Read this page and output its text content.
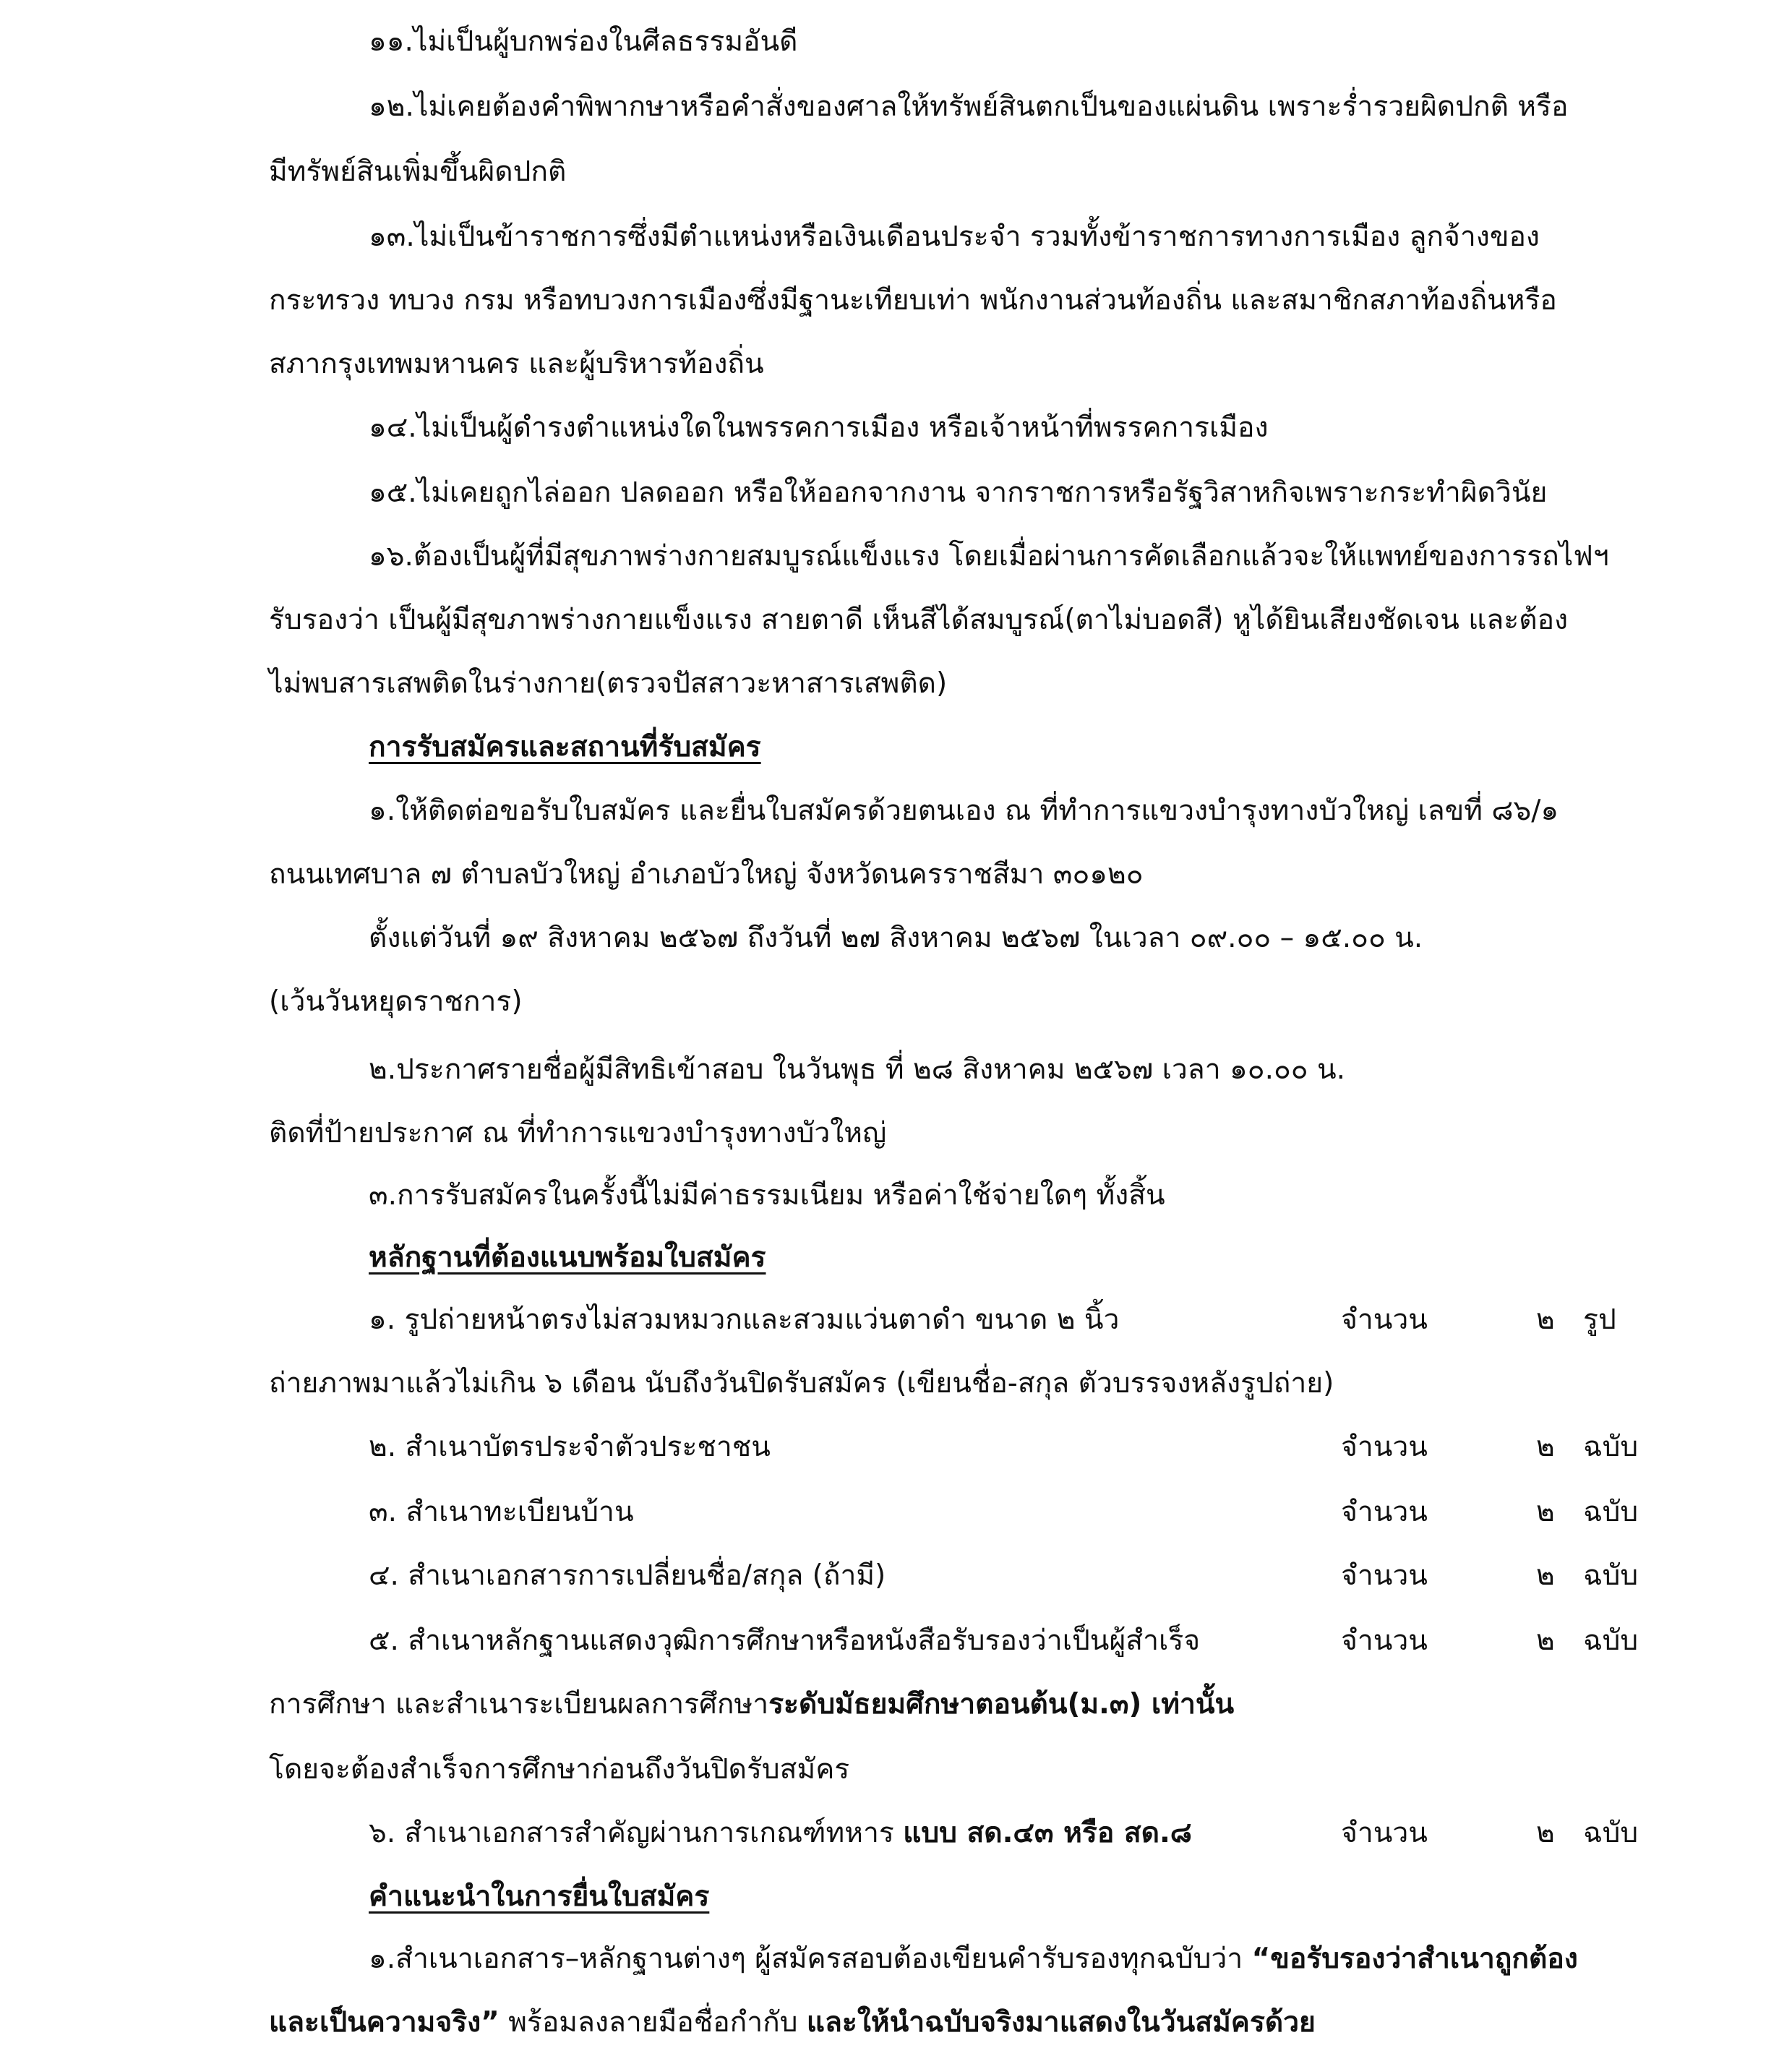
๑๑.ไม่เป็นผู้บกพร่องในศีลธรรมอันดี
๑๒.ไม่เคยต้องคำพิพากษาหรือคำสั่งของศาลให้ทรัพย์สินตกเป็นของแผ่นดิน เพราะร่ำรวยผิดปกติ หรือ
มีทรัพย์สินเพิ่มขึ้นผิดปกติ
๑๓.ไม่เป็นข้าราชการซึ่งมีตำแหน่งหรือเงินเดือนประจำ รวมทั้งข้าราชการทางการเมือง ลูกจ้างของ
กระทรวง ทบวง กรม หรือทบวงการเมืองซึ่งมีฐานะเทียบเท่า พนักงานส่วนท้องถิ่น และสมาชิกสภาท้องถิ่นหรือ
สภากรุงเทพมหานคร และผู้บริหารท้องถิ่น
๑๔.ไม่เป็นผู้ดำรงตำแหน่งใดในพรรคการเมือง หรือเจ้าหน้าที่พรรคการเมือง
๑๕.ไม่เคยถูกไล่ออก ปลดออก หรือให้ออกจากงาน จากราชการหรือรัฐวิสาหกิจเพราะกระทำผิดวินัย
๑๖.ต้องเป็นผู้ที่มีสุขภาพร่างกายสมบูรณ์แข็งแรง โดยเมื่อผ่านการคัดเลือกแล้วจะให้แพทย์ของการรถไฟฯ
รับรองว่า เป็นผู้มีสุขภาพร่างกายแข็งแรง สายตาดี เห็นสีได้สมบูรณ์(ตาไม่บอดสี) หูได้ยินเสียงชัดเจน และต้อง
ไม่พบสารเสพติดในร่างกาย(ตรวจปัสสาวะหาสารเสพติด)
การรับสมัครและสถานที่รับสมัคร
๑.ให้ติดต่อขอรับใบสมัคร และยื่นใบสมัครด้วยตนเอง ณ ที่ทำการแขวงบำรุงทางบัวใหญ่ เลขที่ ๘๖/๑
ถนนเทศบาล ๗ ตำบลบัวใหญ่ อำเภอบัวใหญ่ จังหวัดนครราชสีมา ๓๐๑๒๐
ตั้งแต่วันที่ ๑๙ สิงหาคม ๒๕๖๗ ถึงวันที่ ๒๗ สิงหาคม ๒๕๖๗ ในเวลา ๐๙.๐๐ – ๑๕.๐๐ น.
(เว้นวันหยุดราชการ)
๒.ประกาศรายชื่อผู้มีสิทธิเข้าสอบ ในวันพุธ ที่ ๒๘ สิงหาคม ๒๕๖๗ เวลา ๑๐.๐๐ น.
ติดที่ป้ายประกาศ ณ ที่ทำการแขวงบำรุงทางบัวใหญ่
๓.การรับสมัครในครั้งนี้ไม่มีค่าธรรมเนียม หรือค่าใช้จ่ายใดๆ ทั้งสิ้น
หลักฐานที่ต้องแนบพร้อมใบสมัคร
๑. รูปถ่ายหน้าตรงไม่สวมหมวกและสวมแว่นตาดำ ขนาด ๒ นิ้ว	จำนวน	๒ รูป
ถ่ายภาพมาแล้วไม่เกิน ๖ เดือน นับถึงวันปิดรับสมัคร (เขียนชื่อ-สกุล ตัวบรรจงหลังรูปถ่าย)
๒. สำเนาบัตรประจำตัวประชาชน	จำนวน	๒ ฉบับ
๓. สำเนาทะเบียนบ้าน	จำนวน	๒ ฉบับ
๔. สำเนาเอกสารการเปลี่ยนชื่อ/สกุล (ถ้ามี)	จำนวน	๒ ฉบับ
๕. สำเนาหลักฐานแสดงวุฒิการศึกษาหรือหนังสือรับรองว่าเป็นผู้สำเร็จ	จำนวน	๒ ฉบับ
การศึกษา และสำเนาระเบียนผลการศึกษาระดับมัธยมศึกษาตอนต้น(ม.๓) เท่านั้น
โดยจะต้องสำเร็จการศึกษาก่อนถึงวันปิดรับสมัคร
๖. สำเนาเอกสารสำคัญผ่านการเกณฑ์ทหาร แบบ สด.๔๓ หรือ สด.๘	จำนวน	๒ ฉบับ
คำแนะนำในการยื่นใบสมัคร
๑.สำเนาเอกสาร–หลักฐานต่างๆ ผู้สมัครสอบต้องเขียนคำรับรองทุกฉบับว่า “ขอรับรองว่าสำเนาถูกต้อง
และเป็นความจริง” พร้อมลงลายมือชื่อกำกับ และให้นำฉบับจริงมาแสดงในวันสมัครด้วย
